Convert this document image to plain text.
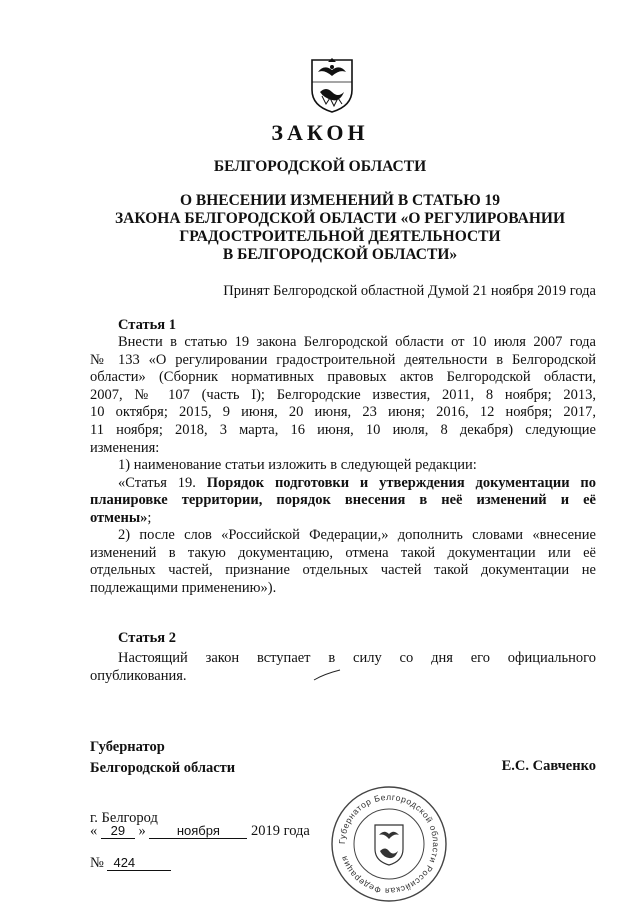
ЗАКОН
БЕЛГОРОДСКОЙ ОБЛАСТИ
О ВНЕСЕНИИ ИЗМЕНЕНИЙ В СТАТЬЮ 19
ЗАКОНА БЕЛГОРОДСКОЙ ОБЛАСТИ «О РЕГУЛИРОВАНИИ
ГРАДОСТРОИТЕЛЬНОЙ ДЕЯТЕЛЬНОСТИ
В БЕЛГОРОДСКОЙ ОБЛАСТИ»
Принят Белгородской областной Думой 21 ноября 2019 года
Статья 1
Внести в статью 19 закона Белгородской области от 10 июля 2007 года
№ 133 «О регулировании градостроительной деятельности в Белгородской
области» (Сборник нормативных правовых актов Белгородской области,
2007, № 107 (часть I); Белгородские известия, 2011, 8 ноября; 2013,
10 октября; 2015, 9 июня, 20 июня, 23 июня; 2016, 12 ноября; 2017,
11 ноября; 2018, 3 марта, 16 июня, 10 июля, 8 декабря) следующие
изменения:
1) наименование статьи изложить в следующей редакции:
«Статья 19. Порядок подготовки и утверждения документации по
планировке территории, порядок внесения в неё изменений и её
отмены»;
2) после слов «Российской Федерации,» дополнить словами «внесение
изменений в такую документацию, отмена такой документации или её
отдельных частей, признание отдельных частей такой документации не
подлежащими применению»).
Статья 2
Настоящий закон вступает в силу со дня его официального
опубликования.
Губернатор
Белгородской области	Е.С. Савченко
г. Белгород
« 29 » ноября 2019 года
№ 424
Губернатор Белгородской области Российская Федерация
